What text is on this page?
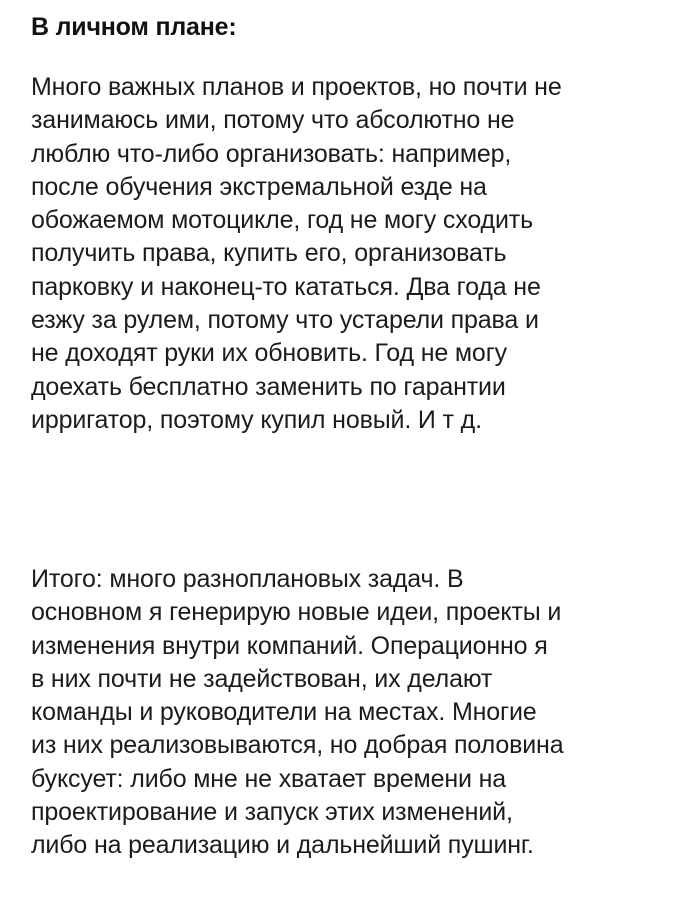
В личном плане:

Много важных планов и проектов, но почти не
занимаюсь ими, потому что абсолютно не
люблю что-либо организовать: например,
после обучения экстремальной езде на
обожаемом мотоцикле, год не могу сходить
получить права, купить его, организовать
парковку и наконец-то кататься. Два года не
езжу за рулем, потому что устарели права и
не доходят руки их обновить. Год не могу
доехать бесплатно заменить по гарантии
ирригатор, поэтому купил новый. И т д.

Итого: много разноплановых задач. В
основном я генерирую новые идеи, проекты и
изменения внутри компаний. Операционно я
в них почти не задействован, их делают
команды и руководители на местах. Многие
из них реализовываются, но добрая половина
буксует: либо мне не хватает времени на
проектирование и запуск этих изменений,
либо на реализацию и дальнейший пушинг.
